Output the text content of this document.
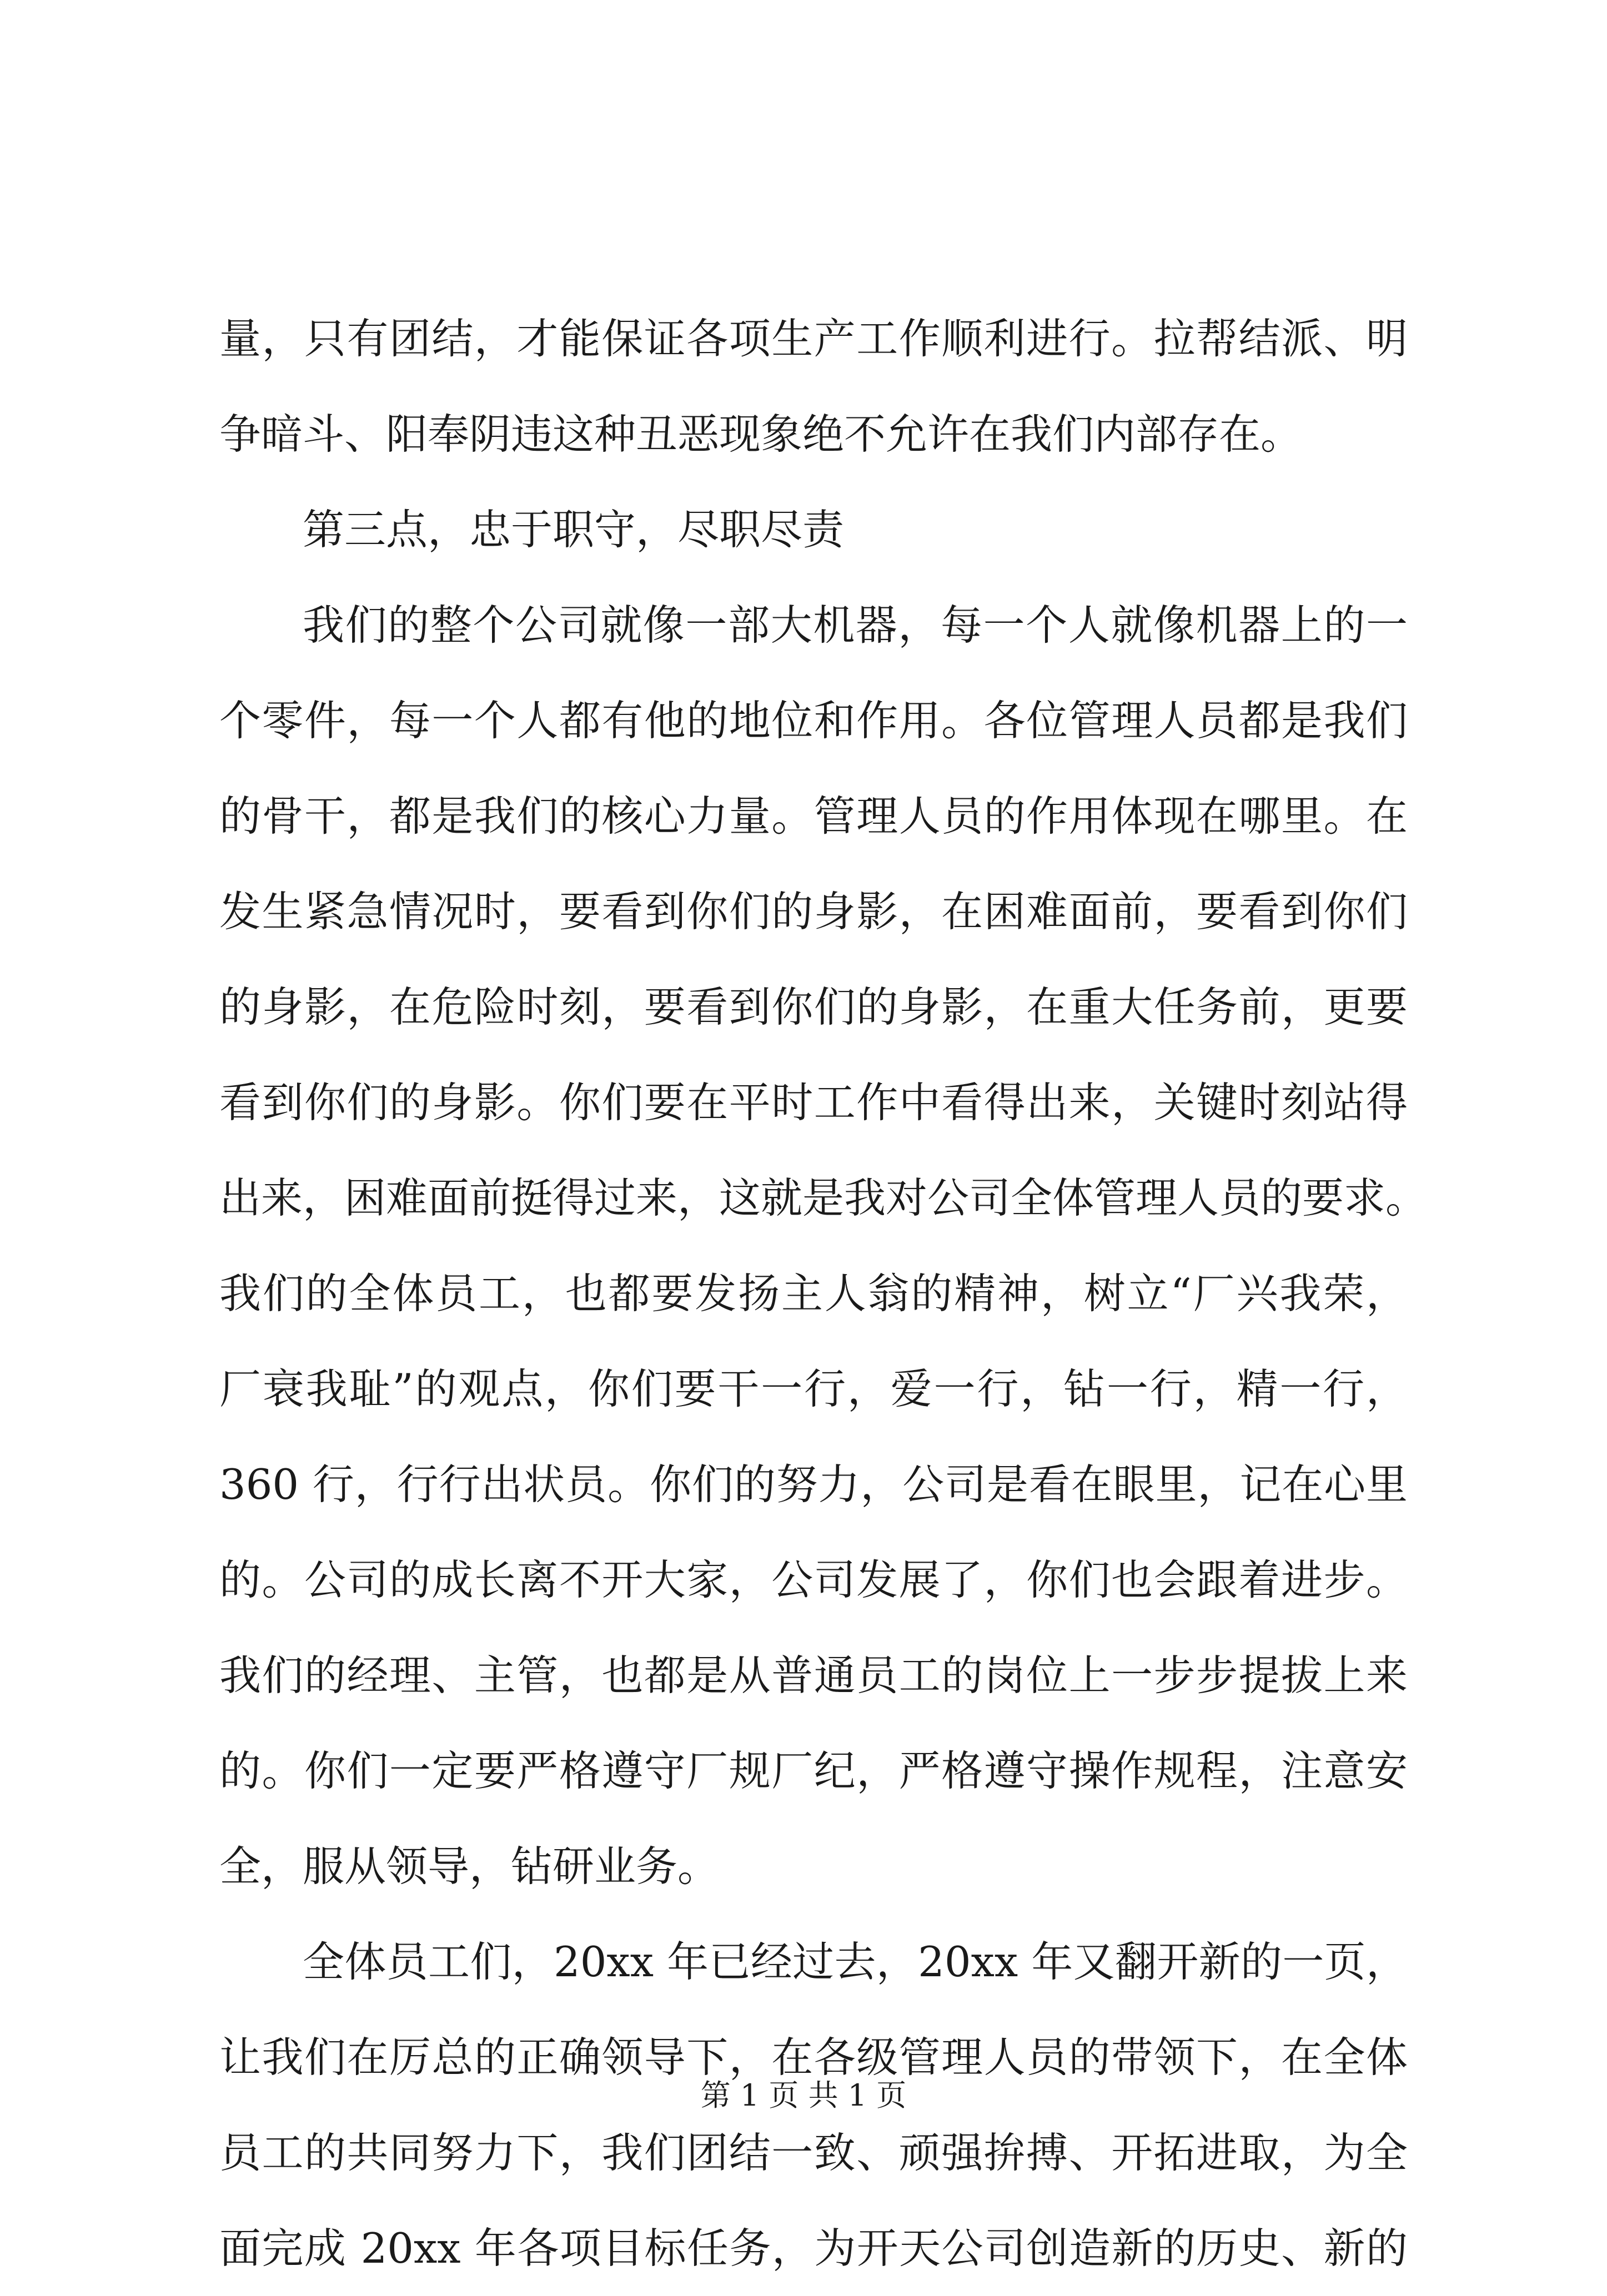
量，只有团结，才能保证各项生产工作顺利进行。拉帮结派、明
争暗斗、阳奉阴违这种丑恶现象绝不允许在我们内部存在。
第三点，忠于职守，尽职尽责
我们的整个公司就像一部大机器，每一个人就像机器上的一
个零件，每一个人都有他的地位和作用。各位管理人员都是我们
的骨干，都是我们的核心力量。管理人员的作用体现在哪里。在
发生紧急情况时，要看到你们的身影，在困难面前，要看到你们
的身影，在危险时刻，要看到你们的身影，在重大任务前，更要
看到你们的身影。你们要在平时工作中看得出来，关键时刻站得
出来，困难面前挺得过来，这就是我对公司全体管理人员的要求。
我们的全体员工，也都要发扬主人翁的精神，树立“厂兴我荣，
厂衰我耻”的观点，你们要干一行，爱一行，钻一行，精一行，
360 行，行行出状员。你们的努力，公司是看在眼里，记在心里
的。公司的成长离不开大家，公司发展了，你们也会跟着进步。
我们的经理、主管，也都是从普通员工的岗位上一步步提拔上来
的。你们一定要严格遵守厂规厂纪，严格遵守操作规程，注意安
全，服从领导，钻研业务。
全体员工们，20xx 年已经过去，20xx 年又翻开新的一页，
让我们在厉总的正确领导下，在各级管理人员的带领下，在全体
员工的共同努力下，我们团结一致、顽强拚搏、开拓进取，为全
面完成 20xx 年各项目标任务，为开天公司创造新的历史、新的
第 1 页 共 1 页
